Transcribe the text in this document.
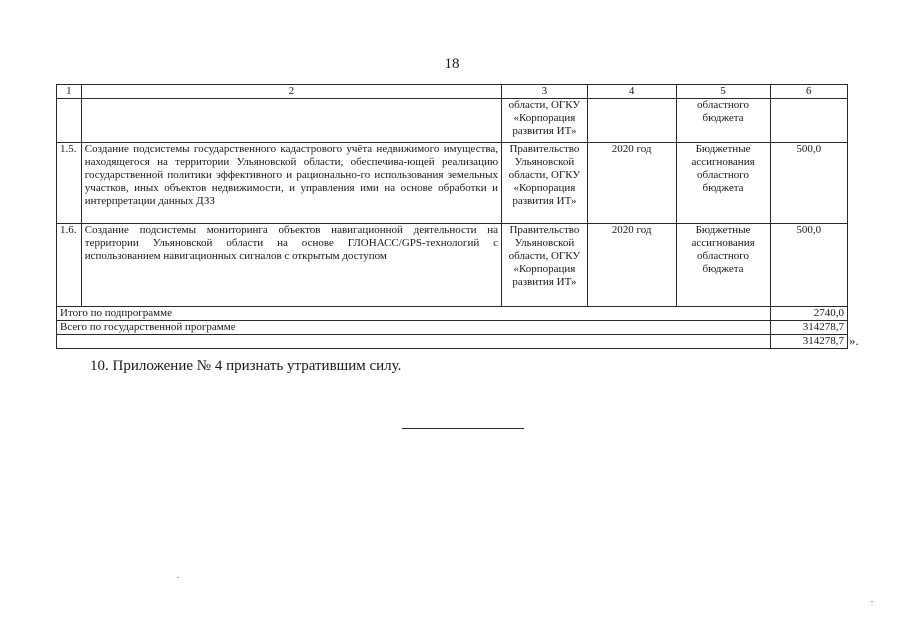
18
1	2	3	4	5	6
		области, ОГКУ «Корпорация развития ИТ»		областного бюджета	
1.5.	Создание подсистемы государственного кадастрового учёта недвижимого имущества, находящегося на территории Ульяновской области, обеспечива-ющей реализацию государственной политики эффективного и рационально-го использования земельных участков, иных объектов недвижимости, и управления ими на основе обработки и интерпретации данных ДЗЗ	Правительство Ульяновской области, ОГКУ «Корпорация развития ИТ»	2020 год	Бюджетные ассигнования областного бюджета	500,0
1.6.	Создание подсистемы мониторинга объектов навигационной деятельности на территории Ульяновской области на основе ГЛОНАСС/GPS-технологий с использованием навигационных сигналов с открытым доступом	Правительство Ульяновской области, ОГКУ «Корпорация развития ИТ»	2020 год	Бюджетные ассигнования областного бюджета	500,0
Итого по подпрограмме					2740,0
Всего по государственной программе					314278,7
					314278,7 ».
10. Приложение № 4 признать утратившим силу.
